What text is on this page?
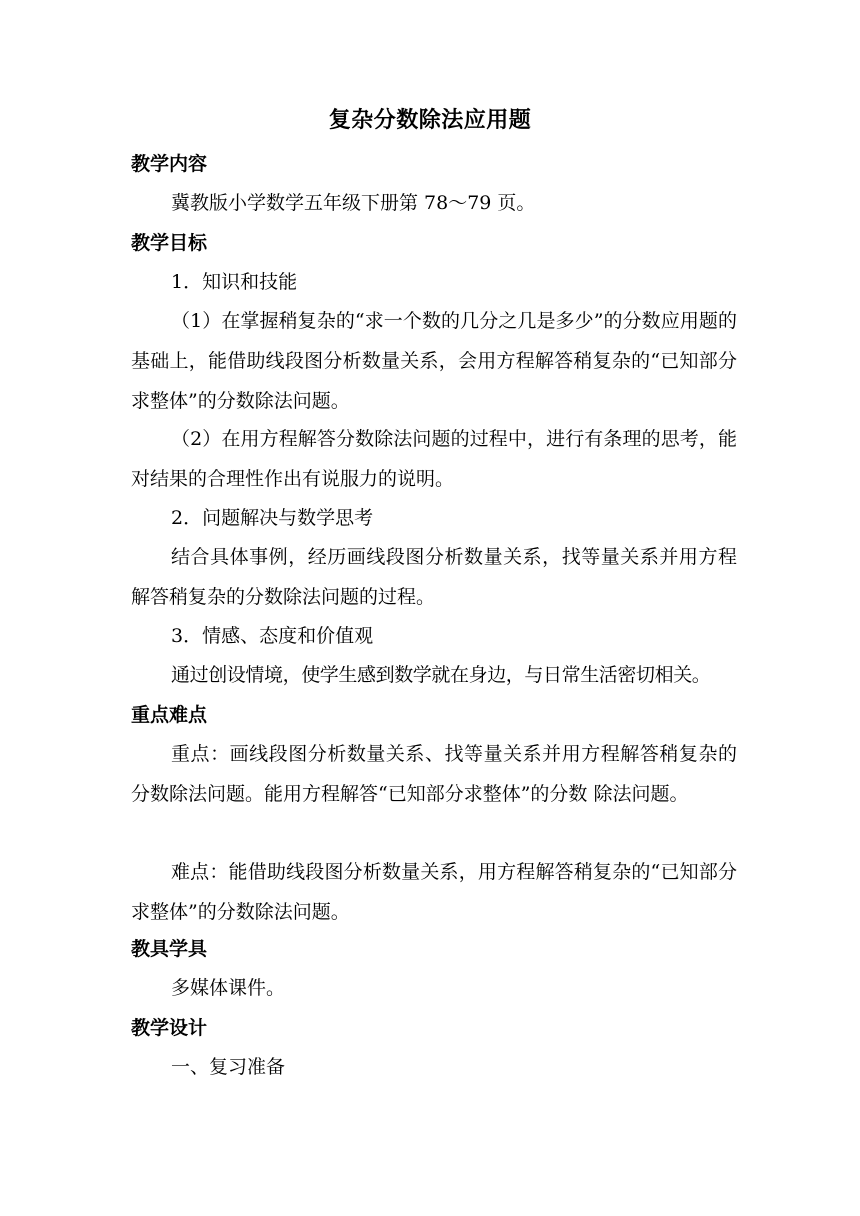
复杂分数除法应用题
教学内容
冀教版小学数学五年级下册第 78～79 页。
教学目标
1．知识和技能
（1）在掌握稍复杂的“求一个数的几分之几是多少”的分数应用题的基础上，能借助线段图分析数量关系，会用方程解答稍复杂的“已知部分求整体”的分数除法问题。
（2）在用方程解答分数除法问题的过程中，进行有条理的思考，能对结果的合理性作出有说服力的说明。
2．问题解决与数学思考
结合具体事例，经历画线段图分析数量关系，找等量关系并用方程解答稍复杂的分数除法问题的过程。
3．情感、态度和价值观
通过创设情境，使学生感到数学就在身边，与日常生活密切相关。
重点难点
重点：画线段图分析数量关系、找等量关系并用方程解答稍复杂的分数除法问题。能用方程解答“已知部分求整体”的分数 除法问题。
难点：能借助线段图分析数量关系，用方程解答稍复杂的“已知部分求整体”的分数除法问题。
教具学具
多媒体课件。
教学设计
一、复习准备
